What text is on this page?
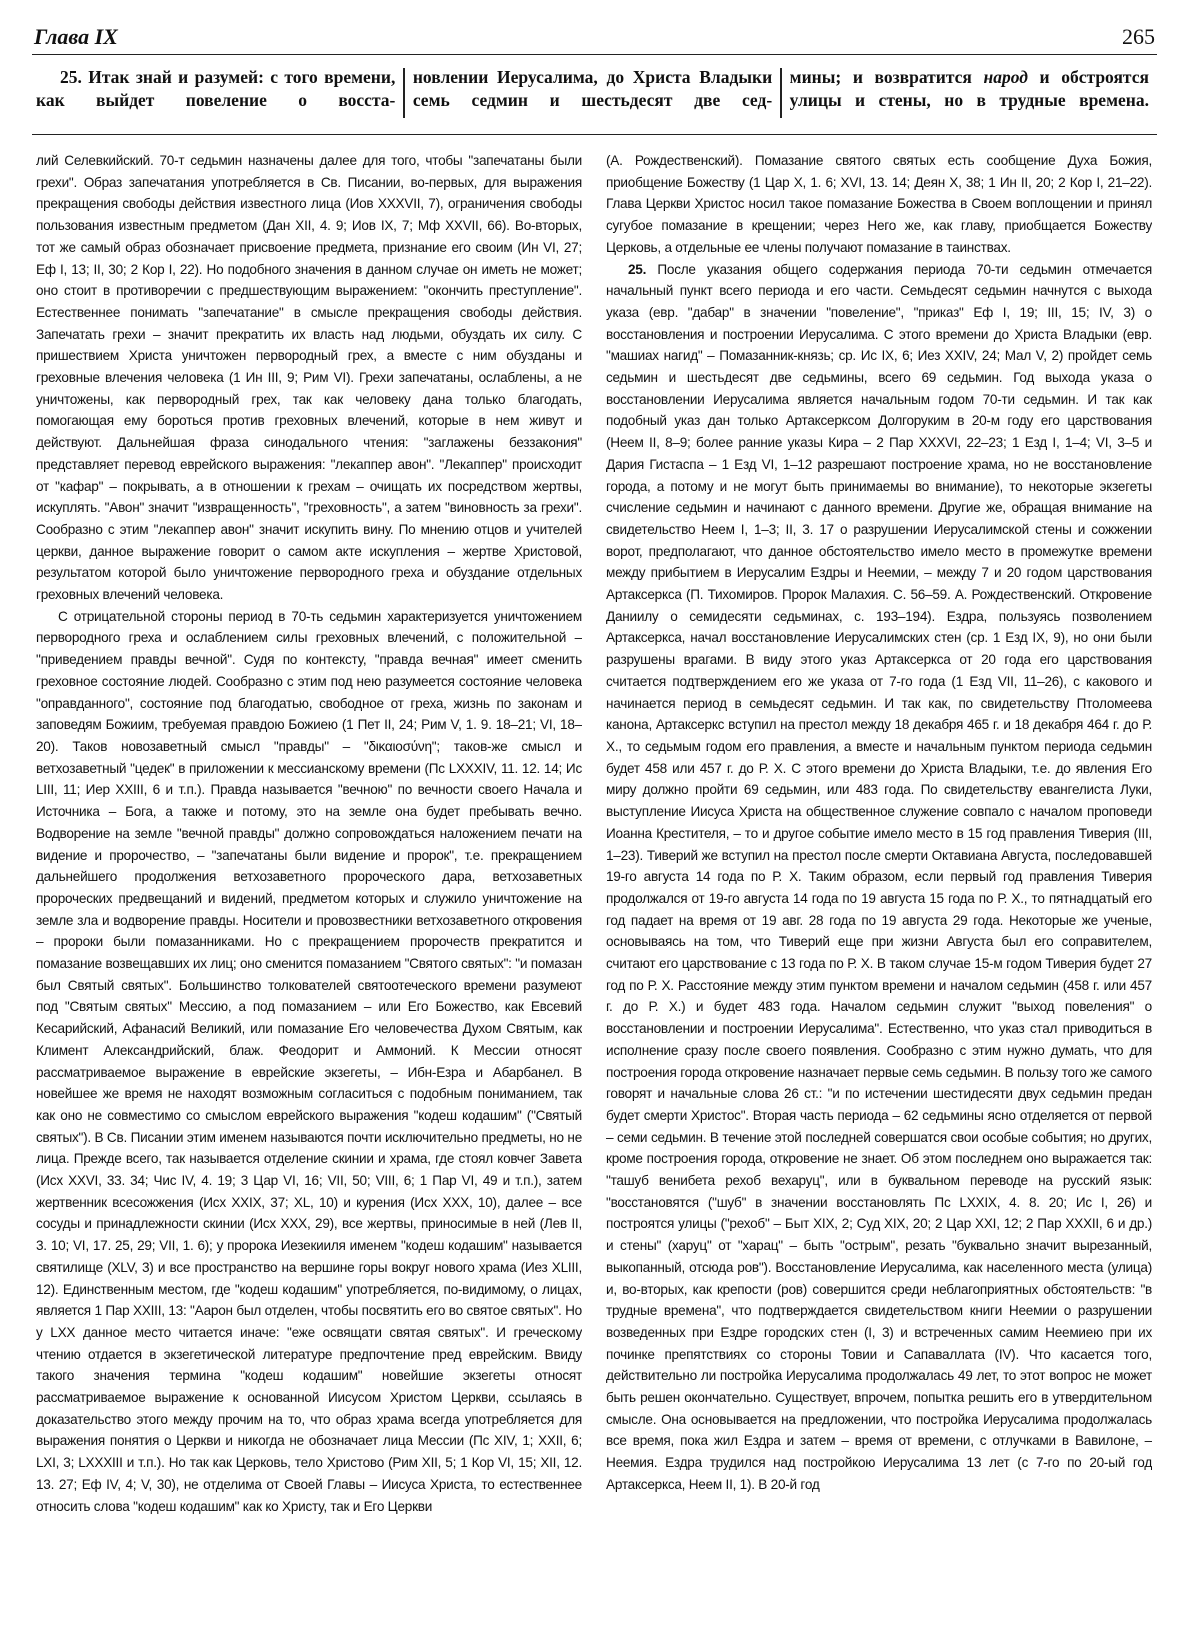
Глава IX	265
25. Итак знай и разумей: с того времени, как выйдет повеление о восста-
новлении Иерусалима, до Христа Владыки семь седмин и шестьдесят две сед-
мины; и возвратится народ и обстроятся улицы и стены, но в трудные времена.

лий Селевкийский. 70-т седьмин назначены далее для того, чтобы "запечатаны были грехи". Образ запечатания употребляется в Св. Писании, во-первых, для выражения прекращения свободы действия известного лица (Иов XXXVII, 7), ограничения свободы пользования известным предметом (Дан XII, 4. 9; Иов IX, 7; Мф XXVII, 66). Во-вторых, тот же самый образ обозначает присвоение предмета, признание его своим (Ин VI, 27; Еф I, 13; II, 30; 2 Кор I, 22). Но подобного значения в данном случае он иметь не может; оно стоит в противоречии с предшествующим выражением: "окончить преступление". Естественнее понимать "запечатание" в смысле прекращения свободы действия. Запечатать грехи – значит прекратить их власть над людьми, обуздать их силу. С пришествием Христа уничтожен первородный грех, а вместе с ним обузданы и греховные влечения человека (1 Ин III, 9; Рим VI). Грехи запечатаны, ослаблены, а не уничтожены, как первородный грех, так как человеку дана только благодать, помогающая ему бороться против греховных влечений, которые в нем живут и действуют. Дальнейшая фраза синодального чтения: "заглажены беззакония" представляет перевод еврейского выражения: "лекаппер авон". "Лекаппер" происходит от "кафар" – покрывать, а в отношении к грехам – очищать их посредством жертвы, искуплять. "Авон" значит "извращенность", "греховность", а затем "виновность за грехи". Сообразно с этим "лекаппер авон" значит искупить вину. По мнению отцов и учителей церкви, данное выражение говорит о самом акте искупления – жертве Христовой, результатом которой было уничтожение первородного греха и обуздание отдельных греховных влечений человека.

С отрицательной стороны период в 70-ть седьмин характеризуется уничтожением первородного греха и ослаблением силы греховных влечений, с положительной – "приведением правды вечной". Судя по контексту, "правда вечная" имеет сменить греховное состояние людей. Сообразно с этим под нею разумеется состояние человека "оправданного", состояние под благодатью, свободное от греха, жизнь по законам и заповедям Божиим, требуемая правдою Божиею (1 Пет II, 24; Рим V, 1. 9. 18–21; VI, 18–20). Таков новозаветный смысл "правды" – "δικαιοσύνη"; таков-же смысл и ветхозаветный "цедек" в приложении к мессианскому времени (Пс LXXXIV, 11. 12. 14; Ис LIII, 11; Иер XXIII, 6 и т.п.). Правда называется "вечною" по вечности своего Начала и Источника – Бога, а также и потому, это на земле она будет пребывать вечно. Водворение на земле "вечной правды" должно сопровождаться наложением печати на видение и пророчество, – "запечатаны были видение и пророк", т.е. прекращением дальнейшего продолжения ветхозаветного пророческого дара, ветхозаветных пророческих предвещаний и видений, предметом которых и служило уничтожение на земле зла и водворение правды. Носители и провозвестники ветхозаветного откровения – пророки были помазанниками. Но с прекращением пророчеств прекратится и помазание возвещавших их лиц; оно сменится помазанием "Святого святых": "и помазан был Святый святых". Большинство толкователей святоотеческого времени разумеют под "Святым святых" Мессию, а под помазанием – или Его Божество, как Евсевий Кесарийский, Афанасий Великий, или помазание Его человечества Духом Святым, как Климент Александрийский, блаж. Феодорит и Аммоний. К Мессии относят рассматриваемое выражение в еврейские экзегеты, – Ибн-Езра и Абарбанел. В новейшее же время не находят возможным согласиться с подобным пониманием, так как оно не совместимо со смыслом еврейского выражения "кодеш кодашим" ("Святый святых"). В Св. Писании этим именем называются почти исключительно предметы, но не лица. Прежде всего, так называется отделение скинии и храма, где стоял ковчег Завета (Исх XXVI, 33. 34; Чис IV, 4. 19; 3 Цар VI, 16; VII, 50; VIII, 6; 1 Пар VI, 49 и т.п.), затем жертвенник всесожжения (Исх XXIX, 37; XL, 10) и курения (Исх XXX, 10), далее – все сосуды и принадлежности скинии (Исх XXX, 29), все жертвы, приносимые в ней (Лев II, 3. 10; VI, 17. 25, 29; VII, 1. 6); у пророка Иезекииля именем "кодеш кодашим" называется святилище (XLV, 3) и все пространство на вершине горы вокруг нового храма (Иез XLIII, 12). Единственным местом, где "кодеш кодашим" употребляется, по-видимому, о лицах, является 1 Пар XXIII, 13: "Аарон был отделен, чтобы посвятить его во святое святых". Но у LXX данное место читается иначе: "еже освящати святая святых". И греческому чтению отдается в экзегетической литературе предпочтение пред еврейским. Ввиду такого значения термина "кодеш кодашим" новейшие экзегеты относят рассматриваемое выражение к основанной Иисусом Христом Церкви, ссылаясь в доказательство этого между прочим на то, что образ храма всегда употребляется для выражения понятия о Церкви и никогда не обозначает лица Мессии (Пс XIV, 1; XXII, 6; LXI, 3; LXXXIII и т.п.). Но так как Церковь, тело Христово (Рим XII, 5; 1 Кор VI, 15; XII, 12. 13. 27; Еф IV, 4; V, 30), не отделима от Своей Главы – Иисуса Христа, то естественнее относить слова "кодеш кодашим" как ко Христу, так и Его Церкви

(А. Рождественский). Помазание святого святых есть сообщение Духа Божия, приобщение Божеству (1 Цар X, 1. 6; XVI, 13. 14; Деян X, 38; 1 Ин II, 20; 2 Кор I, 21–22). Глава Церкви Христос носил такое помазание Божества в Своем воплощении и принял сугубое помазание в крещении; через Него же, как главу, приобщается Божеству Церковь, а отдельные ее члены получают помазание в таинствах.

25. После указания общего содержания периода 70-ти седьмин отмечается начальный пункт всего периода и его части. Семьдесят седьмин начнутся с выхода указа (евр. "дабар" в значении "повеление", "приказ" Еф I, 19; III, 15; IV, 3) о восстановления и построении Иерусалима. С этого времени до Христа Владыки (евр. "машиах нагид" – Помазанник-князь; ср. Ис IX, 6; Иез XXIV, 24; Мал V, 2) пройдет семь седьмин и шестьдесят две седьмины, всего 69 седьмин. Год выхода указа о восстановлении Иерусалима является начальным годом 70-ти седьмин. И так как подобный указ дан только Артаксерксом Долгоруким в 20-м году его царствования (Неем II, 8–9; более ранние указы Кира – 2 Пар XXXVI, 22–23; 1 Езд I, 1–4; VI, 3–5 и Дария Гистаспа – 1 Езд VI, 1–12 разрешают построение храма, но не восстановление города, а потому и не могут быть принимаемы во внимание), то некоторые экзегеты счисление седьмин и начинают с данного времени. Другие же, обращая внимание на свидетельство Неем I, 1–3; II, 3. 17 о разрушении Иерусалимской стены и сожжении ворот, предполагают, что данное обстоятельство имело место в промежутке времени между прибытием в Иерусалим Ездры и Неемии, – между 7 и 20 годом царствования Артаксеркса (П. Тихомиров. Пророк Малахия. С. 56–59. А. Рождественский. Откровение Даниилу о семидесяти седьминах, с. 193–194). Ездра, пользуясь позволением Артаксеркса, начал восстановление Иерусалимских стен (ср. 1 Езд IX, 9), но они были разрушены врагами. В виду этого указ Артаксеркса от 20 года его царствования считается подтверждением его же указа от 7-го года (1 Езд VII, 11–26), с какового и начинается период в семьдесят седьмин. И так как, по свидетельству Птоломеева канона, Артаксеркс вступил на престол между 18 декабря 465 г. и 18 декабря 464 г. до Р. Х., то седьмым годом его правления, а вместе и начальным пунктом периода седьмин будет 458 или 457 г. до Р. Х. С этого времени до Христа Владыки, т.е. до явления Его миру должно пройти 69 седьмин, или 483 года. По свидетельству евангелиста Луки, выступление Иисуса Христа на общественное служение совпало с началом проповеди Иоанна Крестителя, – то и другое событие имело место в 15 год правления Тиверия (III, 1–23). Тиверий же вступил на престол после смерти Октавиана Августа, последовавшей 19-го августа 14 года по Р. Х. Таким образом, если первый год правления Тиверия продолжался от 19-го августа 14 года по 19 августа 15 года по Р. Х., то пятнадцатый его год падает на время от 19 авг. 28 года по 19 августа 29 года. Некоторые же ученые, основываясь на том, что Тиверий еще при жизни Августа был его соправителем, считают его царствование с 13 года по Р. Х. В таком случае 15-м годом Тиверия будет 27 год по Р. Х. Расстояние между этим пунктом времени и началом седьмин (458 г. или 457 г. до Р. Х.) и будет 483 года. Началом седьмин служит "выход повеления" о восстановлении и построении Иерусалима". Естественно, что указ стал приводиться в исполнение сразу после своего появления. Сообразно с этим нужно думать, что для построения города откровение назначает первые семь седьмин. В пользу того же самого говорят и начальные слова 26 ст.: "и по истечении шестидесяти двух седьмин предан будет смерти Христос". Вторая часть периода – 62 седьмины ясно отделяется от первой – семи седьмин. В течение этой последней совершатся свои особые события; но других, кроме построения города, откровение не знает. Об этом последнем оно выражается так: "ташуб венибета рехоб вехаруц", или в буквальном переводе на русский язык: "восстановятся ("шуб" в значении восстановлять Пс LXXIX, 4. 8. 20; Ис I, 26) и построятся улицы ("рехоб" – Быт XIX, 2; Суд XIX, 20; 2 Цар XXI, 12; 2 Пар XXXII, 6 и др.) и стены" (харуц" от "харац" – быть "острым", резать "буквально значит вырезанный, выкопанный, отсюда ров"). Восстановление Иерусалима, как населенного места (улица) и, во-вторых, как крепости (ров) совершится среди неблагоприятных обстоятельств: "в трудные времена", что подтверждается свидетельством книги Неемии о разрушении возведенных при Ездре городских стен (I, 3) и встреченных самим Неемиею при их починке препятствиях со стороны Товии и Сапаваллата (IV). Что касается того, действительно ли постройка Иерусалима продолжалась 49 лет, то этот вопрос не может быть решен окончательно. Существует, впрочем, попытка решить его в утвердительном смысле. Она основывается на предложении, что постройка Иерусалима продолжалась все время, пока жил Ездра и затем – время от времени, с отлучками в Вавилоне, – Неемия. Ездра трудился над постройкою Иерусалима 13 лет (с 7-го по 20-ый год Артаксеркса, Неем II, 1). В 20-й год
